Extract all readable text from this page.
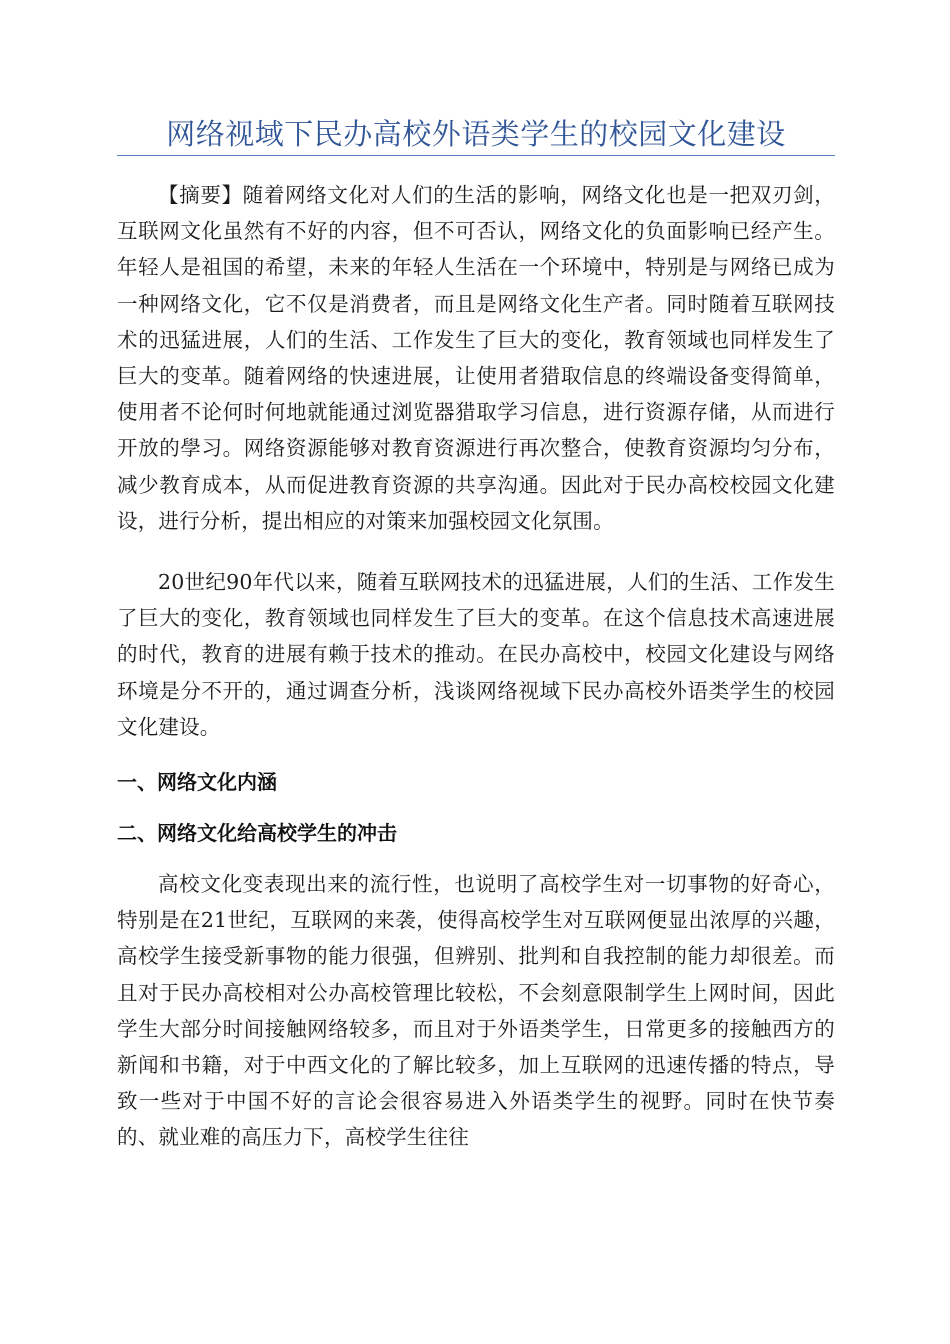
网络视域下民办高校外语类学生的校园文化建设

【摘要】随着网络文化对人们的生活的影响，网络文化也是一把双刃剑，互联网文化虽然有不好的内容，但不可否认，网络文化的负面影响已经产生。年轻人是祖国的希望，未来的年轻人生活在一个环境中，特别是与网络已成为一种网络文化，它不仅是消费者，而且是网络文化生产者。同时随着互联网技术的迅猛进展，人们的生活、工作发生了巨大的变化，教育领域也同样发生了巨大的变革。随着网络的快速进展，让使用者猎取信息的终端设备变得简单，使用者不论何时何地就能通过浏览器猎取学习信息，进行资源存储，从而进行开放的學习。网络资源能够对教育资源进行再次整合，使教育资源均匀分布，减少教育成本，从而促进教育资源的共享沟通。因此对于民办高校校园文化建设，进行分析，提出相应的对策来加强校园文化氛围。

20世纪90年代以来，随着互联网技术的迅猛进展，人们的生活、工作发生了巨大的变化，教育领域也同样发生了巨大的变革。在这个信息技术高速进展的时代，教育的进展有赖于技术的推动。在民办高校中，校园文化建设与网络环境是分不开的，通过调查分析，浅谈网络视域下民办高校外语类学生的校园文化建设。

一、网络文化内涵

二、网络文化给高校学生的冲击

高校文化变表现出来的流行性，也说明了高校学生对一切事物的好奇心，特别是在21世纪，互联网的来袭，使得高校学生对互联网便显出浓厚的兴趣，高校学生接受新事物的能力很强，但辨别、批判和自我控制的能力却很差。而且对于民办高校相对公办高校管理比较松，不会刻意限制学生上网时间，因此学生大部分时间接触网络较多，而且对于外语类学生，日常更多的接触西方的新闻和书籍，对于中西文化的了解比较多，加上互联网的迅速传播的特点，导致一些对于中国不好的言论会很容易进入外语类学生的视野。同时在快节奏的、就业难的高压力下，高校学生往往
